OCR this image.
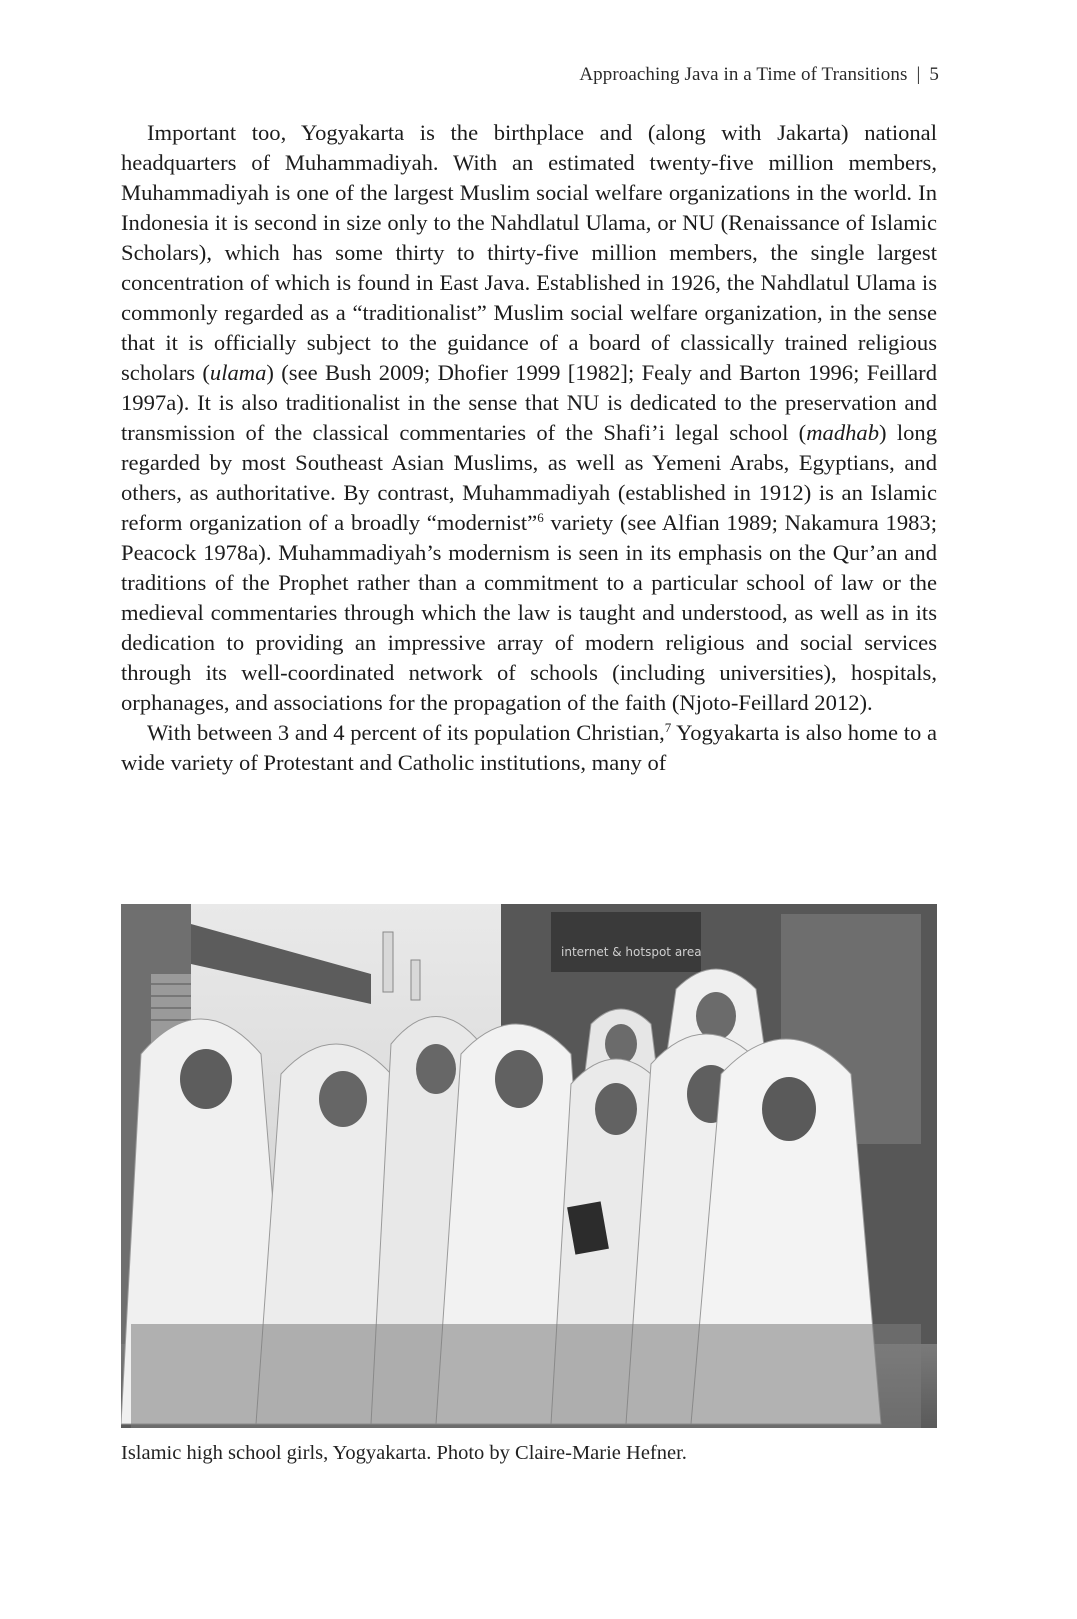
Approaching Java in a Time of Transitions | 5

Important too, Yogyakarta is the birthplace and (along with Jakarta) national headquarters of Muhammadiyah. With an estimated twenty-five million members, Muhammadiyah is one of the largest Muslim social welfare organizations in the world. In Indonesia it is second in size only to the Nahdlatul Ulama, or NU (Renaissance of Islamic Scholars), which has some thirty to thirty-five million members, the single largest concentration of which is found in East Java. Established in 1926, the Nahdlatul Ulama is commonly regarded as a “traditionalist” Muslim social welfare organization, in the sense that it is officially subject to the guidance of a board of classically trained religious scholars (ulama) (see Bush 2009; Dhofier 1999 [1982]; Fealy and Barton 1996; Feillard 1997a). It is also traditionalist in the sense that NU is dedicated to the preservation and transmission of the classical commentaries of the Shafi’i legal school (madhab) long regarded by most Southeast Asian Muslims, as well as Yemeni Arabs, Egyptians, and others, as authoritative. By contrast, Muhammadiyah (established in 1912) is an Islamic reform organization of a broadly “modernist”$^6$ variety (see Alfian 1989; Nakamura 1983; Peacock 1978a). Muhammadiyah’s modernism is seen in its emphasis on the Qur’an and traditions of the Prophet rather than a commitment to a particular school of law or the medieval commentaries through which the law is taught and understood, as well as in its dedication to providing an impressive array of modern religious and social services through its well-coordinated network of schools (including universities), hospitals, orphanages, and associations for the propagation of the faith (Njoto-Feillard 2012).

With between 3 and 4 percent of its population Christian,$^7$ Yogyakarta is also home to a wide variety of Protestant and Catholic institutions, many of

internet & hotspot area
Islamic high school girls, Yogyakarta. Photo by Claire-Marie Hefner.
